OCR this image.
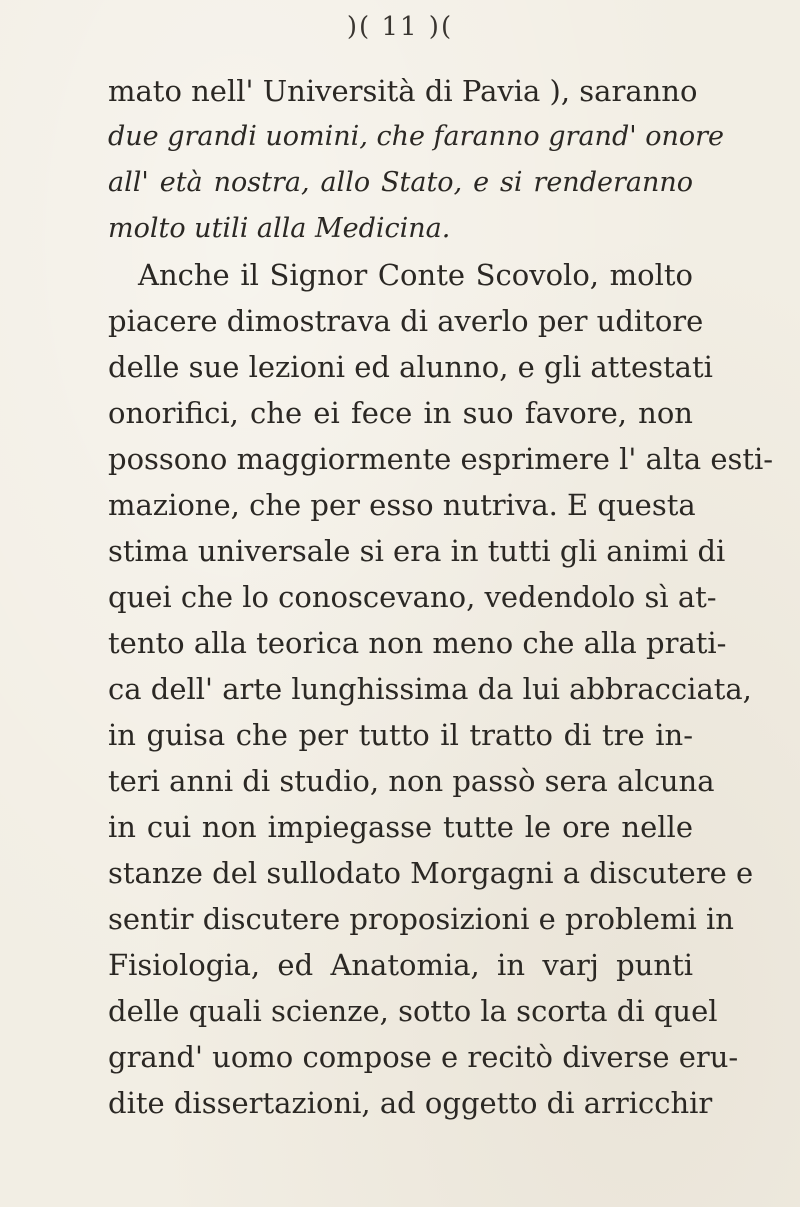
)( 11 )(
mato nell' Università di Pavia ), saranno
due grandi uomini, che faranno grand' onore
all' età nostra, allo Stato, e si renderanno
molto utili alla Medicina.
Anche il Signor Conte Scovolo, molto
piacere dimostrava di averlo per uditore
delle sue lezioni ed alunno, e gli attestati
onorifici, che ei fece in suo favore, non
possono maggiormente esprimere l' alta esti-
mazione, che per esso nutriva. E questa
stima universale si era in tutti gli animi di
quei che lo conoscevano, vedendolo sì at-
tento alla teorica non meno che alla prati-
ca dell' arte lunghissima da lui abbracciata,
in guisa che per tutto il tratto di tre in-
teri anni di studio, non passò sera alcuna
in cui non impiegasse tutte le ore nelle
stanze del sullodato Morgagni a discutere e
sentir discutere proposizioni e problemi in
Fisiologia, ed Anatomia, in varj punti
delle quali scienze, sotto la scorta di quel
grand' uomo compose e recitò diverse eru-
dite dissertazioni, ad oggetto di arricchir
